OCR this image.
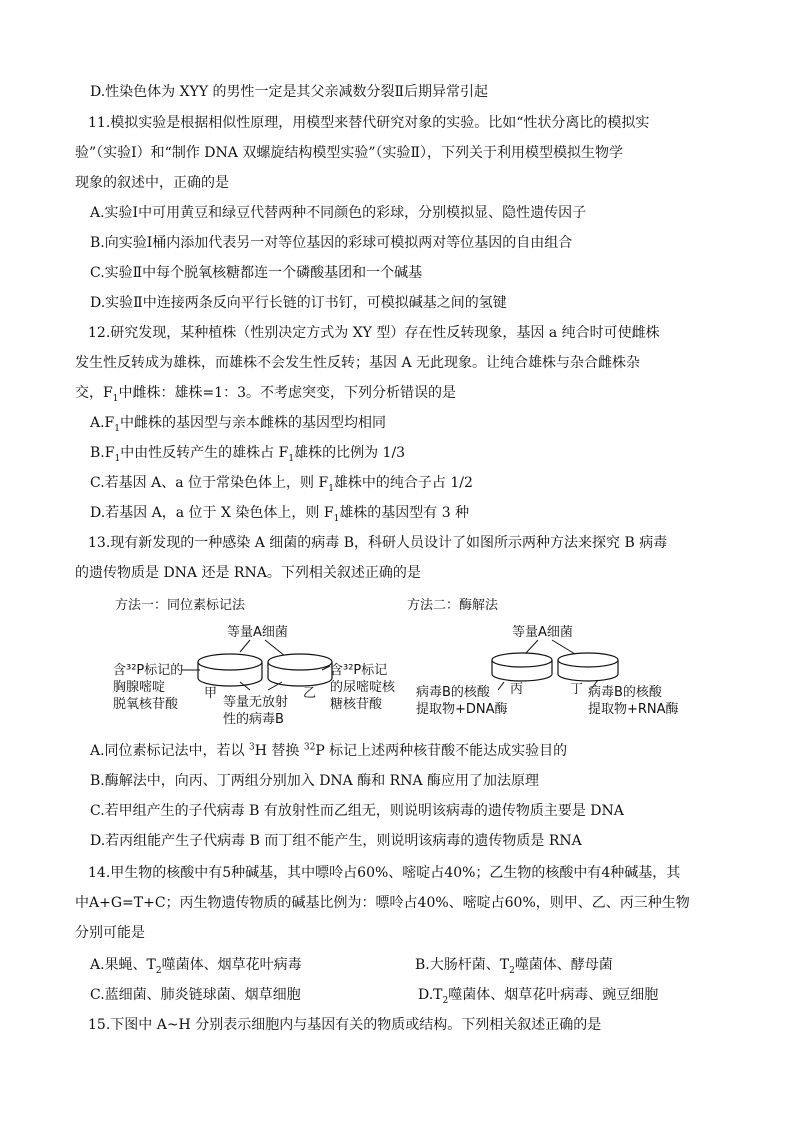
D.性染色体为 XYY 的男性一定是其父亲减数分裂Ⅱ后期异常引起
11.模拟实验是根据相似性原理，用模型来替代研究对象的实验。比如“性状分离比的模拟实
验”（实验Ⅰ）和“制作 DNA 双螺旋结构模型实验”（实验Ⅱ），下列关于利用模型模拟生物学
现象的叙述中，正确的是
A.实验Ⅰ中可用黄豆和绿豆代替两种不同颜色的彩球，分别模拟显、隐性遗传因子
B.向实验Ⅰ桶内添加代表另一对等位基因的彩球可模拟两对等位基因的自由组合
C.实验Ⅱ中每个脱氧核糖都连一个磷酸基团和一个碱基
D.实验Ⅱ中连接两条反向平行长链的订书钉，可模拟碱基之间的氢键
12.研究发现，某种植株（性别决定方式为 XY 型）存在性反转现象，基因 a 纯合时可使雌株
发生性反转成为雄株，而雄株不会发生性反转；基因 A 无此现象。让纯合雄株与杂合雌株杂
交，$F_1$中雌株：雄株=1：3。不考虑突变，下列分析错误的是
$A.F_1$中雌株的基因型与亲本雌株的基因型均相同
$B.F_1$中由性反转产生的雄株占 $F_1$雄株的比例为 1/3
C.若基因 A、a 位于常染色体上，则 $F_1$雄株中的纯合子占 1/2
D.若基因 A，a 位于 X 染色体上，则 $F_1$雄株的基因型有 3 种
13.现有新发现的一种感染 A 细菌的病毒 B，科研人员设计了如图所示两种方法来探究 B 病毒
的遗传物质是 DNA 还是 RNA。下列相关叙述正确的是
方法一：同位素标记法	方法二：酶解法
等量A细菌	等量A细菌
含³²P标记的
胸腺嘧啶
脱氧核苷酸
甲	乙
等量无放射
性的病毒B
含³²P标记
的尿嘧啶核
糖核苷酸
丙	丁
病毒B的核酸
提取物+DNA酶
病毒B的核酸
提取物+RNA酶
A.同位素标记法中，若以 $^3$H 替换 $^{32}$P 标记上述两种核苷酸不能达成实验目的
B.酶解法中，向丙、丁两组分别加入 DNA 酶和 RNA 酶应用了加法原理
C.若甲组产生的子代病毒 B 有放射性而乙组无，则说明该病毒的遗传物质主要是 DNA
D.若丙组能产生子代病毒 B 而丁组不能产生，则说明该病毒的遗传物质是 RNA
14.甲生物的核酸中有5种碱基，其中嘌呤占60%、嘧啶占40%；乙生物的核酸中有4种碱基，其
中A+G=T+C；丙生物遗传物质的碱基比例为：嘌呤占40%、嘧啶占60%，则甲、乙、丙三种生物
分别可能是
A.果蝇、$T_2$噬菌体、烟草花叶病毒	B.大肠杆菌、$T_2$噬菌体、酵母菌
C.蓝细菌、肺炎链球菌、烟草细胞	$D.T_2$噬菌体、烟草花叶病毒、豌豆细胞
15.下图中 A~H 分别表示细胞内与基因有关的物质或结构。下列相关叙述正确的是
